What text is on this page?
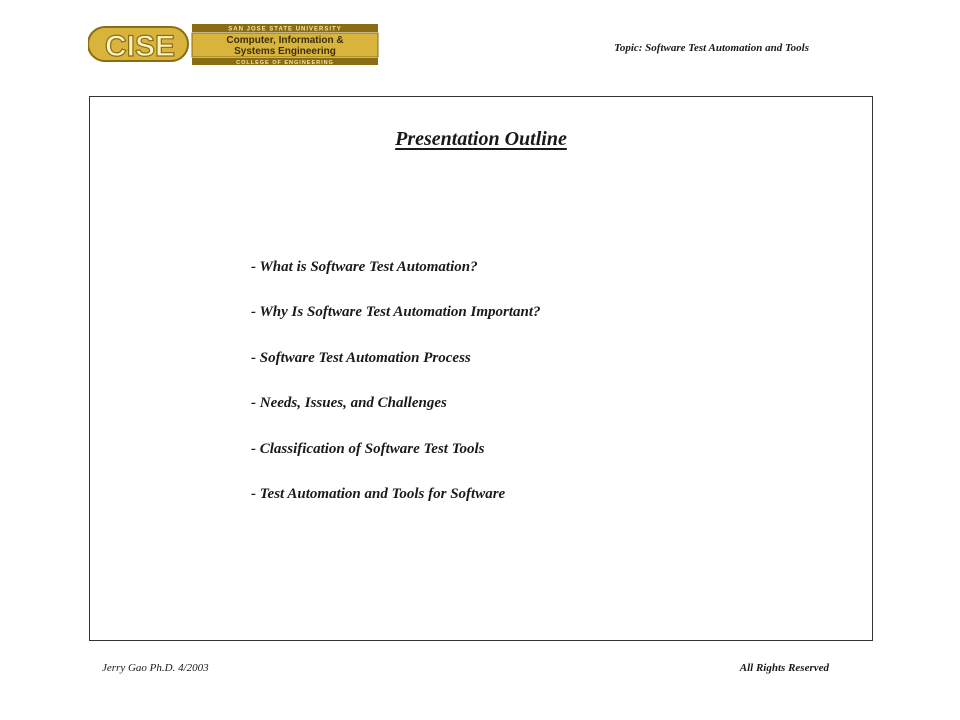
CISE
SAN JOSE STATE UNIVERSITY
Computer, Information &
Systems Engineering
COLLEGE OF ENGINEERING
Topic: Software Test Automation and Tools
Presentation Outline
- What is Software Test Automation?
- Why Is Software Test Automation Important?
- Software Test Automation Process
- Needs, Issues, and Challenges
- Classification of Software Test Tools
- Test Automation and Tools for Software
Jerry Gao Ph.D. 4/2003	All Rights Reserved
